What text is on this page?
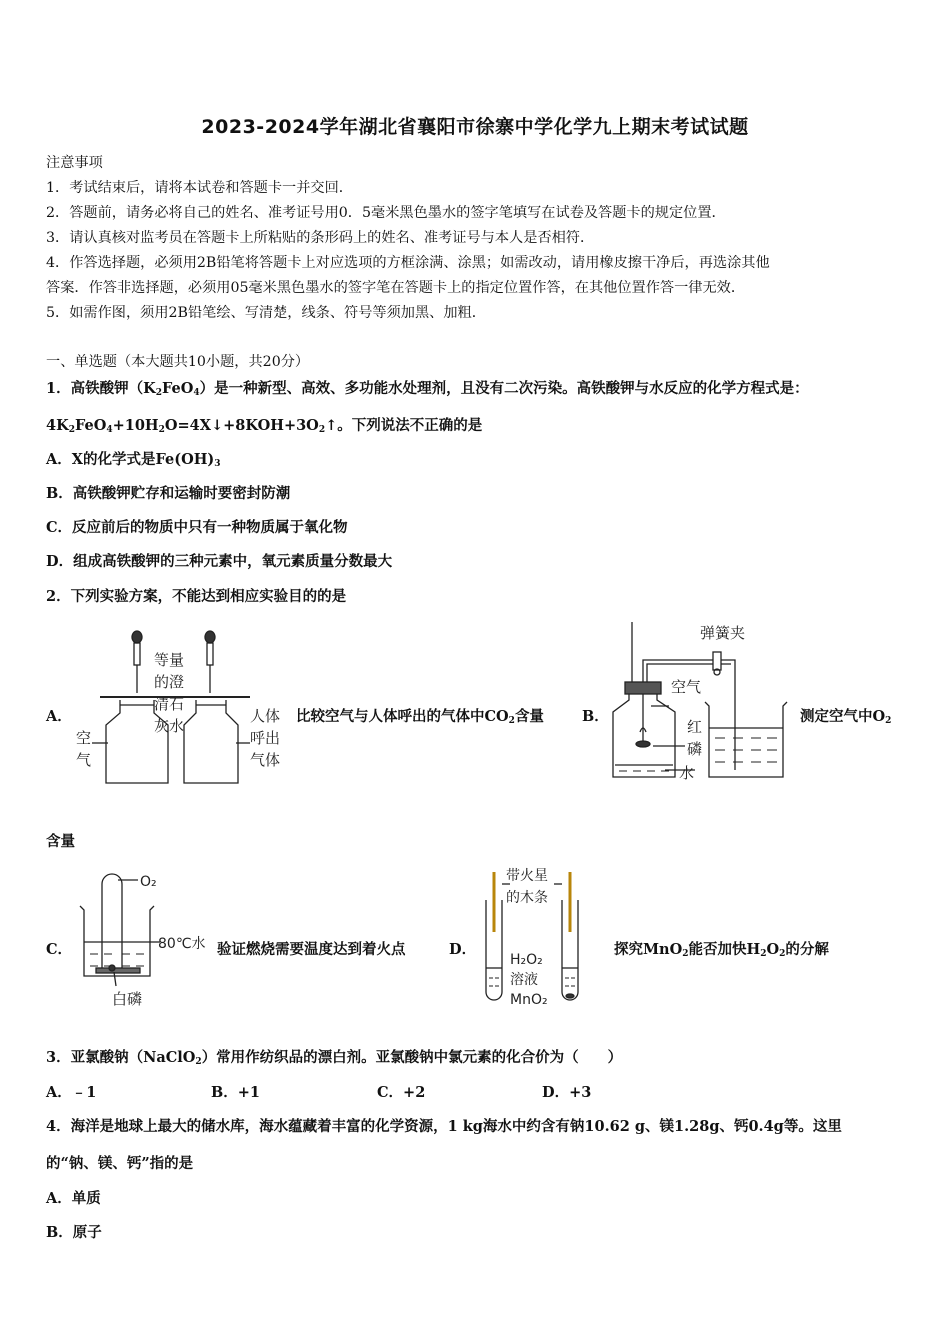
2023-2024学年湖北省襄阳市徐寨中学化学九上期末考试试题
注意事项
1．考试结束后，请将本试卷和答题卡一并交回．
2．答题前，请务必将自己的姓名、准考证号用0．5毫米黑色墨水的签字笔填写在试卷及答题卡的规定位置．
3．请认真核对监考员在答题卡上所粘贴的条形码上的姓名、准考证号与本人是否相符．
4．作答选择题，必须用2B铅笔将答题卡上对应选项的方框涂满、涂黑；如需改动，请用橡皮擦干净后，再选涂其他
答案．作答非选择题，必须用05毫米黑色墨水的签字笔在答题卡上的指定位置作答，在其他位置作答一律无效．
5．如需作图，须用2B铅笔绘、写清楚，线条、符号等须加黑、加粗．
一、单选题（本大题共10小题，共20分）
1．高铁酸钾$(K_2FeO_4)$是一种新型、高效、多功能水处理剂，且没有二次污染。高铁酸钾与水反应的化学方程式是：
$4K_2FeO_4+10H_2O=4X↓+8KOH+3O_2↑$。下列说法不正确的是
A．X的化学式是$Fe(OH)_3$
B．高铁酸钾贮存和运输时要密封防潮
C．反应前后的物质中只有一种物质属于氧化物
D．组成高铁酸钾的三种元素中，氧元素质量分数最大
2．下列实验方案，不能达到相应实验目的的是
A．
等量
的澄
清石
灰水
空
气
人体
呼出
气体
比较空气与人体呼出的气体中$CO_2$含量	B．
弹簧夹
空气
红
磷
水
测定空气中$O_2$
含量
C．
O₂
80℃水
白磷
验证燃烧需要温度达到着火点	D．
带火星
的木条
H₂O₂
溶液
MnO₂
探究MnO$_2$能否加快$H_2O_2$的分解
3．亚氯酸钠（NaClO$_2$）常用作纺织品的漂白剂。亚氯酸钠中氯元素的化合价为（　　）
A．﹣1	B．+1	C．+2	D．+3
4．海洋是地球上最大的储水库，海水蕴藏着丰富的化学资源，1 kg海水中约含有钠10.62 g、镁1.28g、钙0.4g等。这里
的“钠、镁、钙”指的是
A．单质
B．原子
